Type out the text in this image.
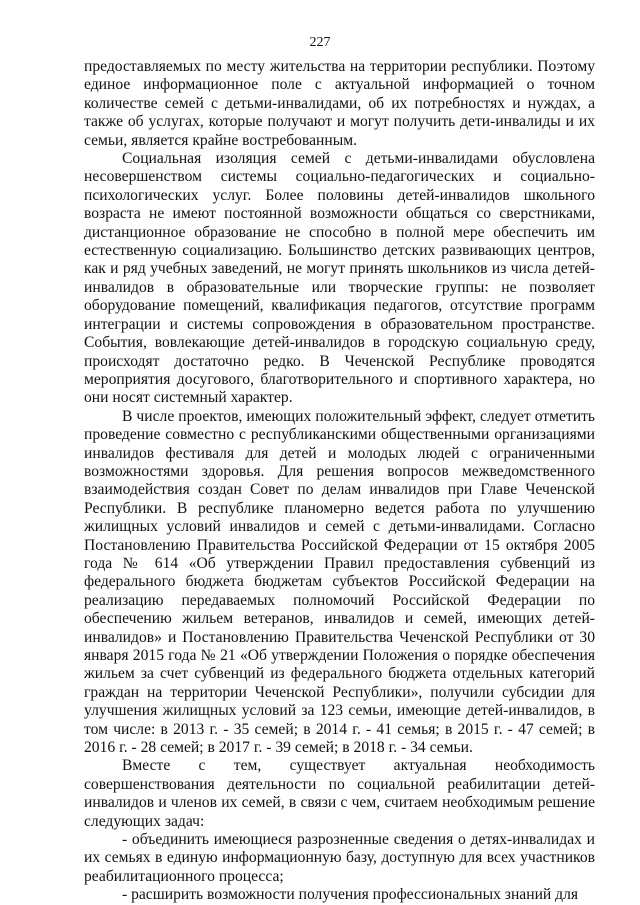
227

предоставляемых по месту жительства на территории республики. Поэтому единое информационное поле с актуальной информацией о точном количестве семей с детьми-инвалидами, об их потребностях и нуждах, а также об услугах, которые получают и могут получить дети-инвалиды и их семьи, является крайне востребованным.

Социальная изоляция семей с детьми-инвалидами обусловлена несовершенством системы социально-педагогических и социально-психологических услуг. Более половины детей-инвалидов школьного возраста не имеют постоянной возможности общаться со сверстниками, дистанционное образование не способно в полной мере обеспечить им естественную социализацию. Большинство детских развивающих центров, как и ряд учебных заведений, не могут принять школьников из числа детей-инвалидов в образовательные или творческие группы: не позволяет оборудование помещений, квалификация педагогов, отсутствие программ интеграции и системы сопровождения в образовательном пространстве. События, вовлекающие детей-инвалидов в городскую социальную среду, происходят достаточно редко. В Чеченской Республике проводятся мероприятия досугового, благотворительного и спортивного характера, но они носят системный характер.

В числе проектов, имеющих положительный эффект, следует отметить проведение совместно с республиканскими общественными организациями инвалидов фестиваля для детей и молодых людей с ограниченными возможностями здоровья. Для решения вопросов межведомственного взаимодействия создан Совет по делам инвалидов при Главе Чеченской Республики. В республике планомерно ведется работа по улучшению жилищных условий инвалидов и семей с детьми-инвалидами. Согласно Постановлению Правительства Российской Федерации от 15 октября 2005 года № 614 «Об утверждении Правил предоставления субвенций из федерального бюджета бюджетам субъектов Российской Федерации на реализацию передаваемых полномочий Российской Федерации по обеспечению жильем ветеранов, инвалидов и семей, имеющих детей-инвалидов» и Постановлению Правительства Чеченской Республики от 30 января 2015 года № 21 «Об утверждении Положения о порядке обеспечения жильем за счет субвенций из федерального бюджета отдельных категорий граждан на территории Чеченской Республики», получили субсидии для улучшения жилищных условий за 123 семьи, имеющие детей-инвалидов, в том числе: в 2013 г. - 35 семей; в 2014 г. - 41 семья; в 2015 г. - 47 семей; в 2016 г. - 28 семей; в 2017 г. - 39 семей; в 2018 г. - 34 семьи.

Вместе с тем, существует актуальная необходимость совершенствования деятельности по социальной реабилитации детей-инвалидов и членов их семей, в связи с чем, считаем необходимым решение следующих задач:

- объединить имеющиеся разрозненные сведения о детях-инвалидах и их семьях в единую информационную базу, доступную для всех участников реабилитационного процесса;

- расширить возможности получения профессиональных знаний для
